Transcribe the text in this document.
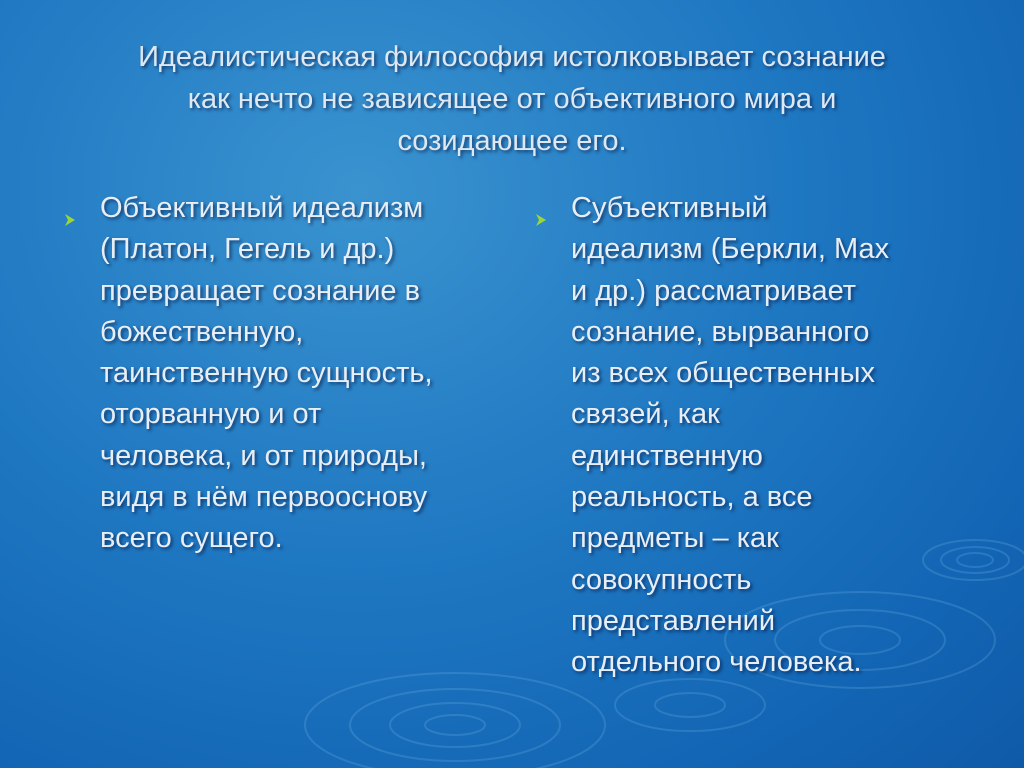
Идеалистическая философия истолковывает сознание
как нечто не зависящее от объективного мира и
созидающее его.
Объективный идеализм
(Платон, Гегель и др.)
превращает сознание в
божественную,
таинственную сущность,
оторванную и от
человека, и от природы,
видя в нём первооснову
всего сущего.
Субъективный
идеализм (Беркли, Мах
и др.) рассматривает
сознание, вырванного
из всех общественных
связей, как
единственную
реальность, а все
предметы – как
совокупность
представлений
отдельного человека.
